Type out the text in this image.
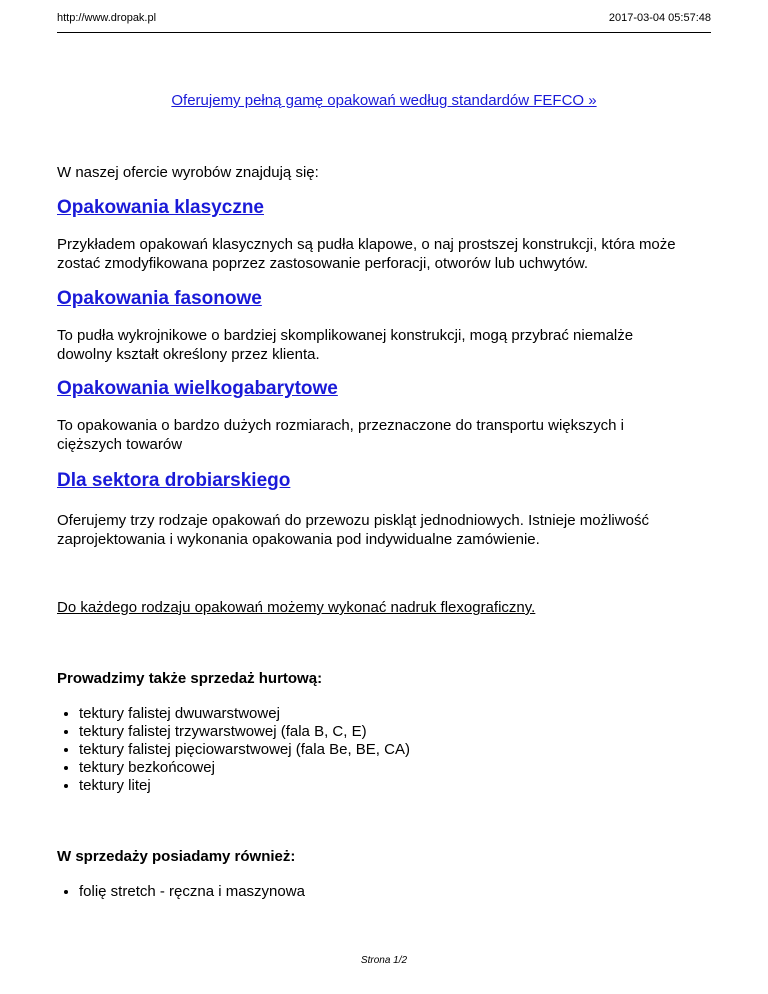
http://www.dropak.pl	2017-03-04 05:57:48
Oferujemy pełną gamę opakowań według standardów FEFCO »
W naszej ofercie wyrobów znajdują się:
Opakowania klasyczne
Przykładem opakowań klasycznych są pudła klapowe, o naj prostszej konstrukcji, która może zostać zmodyfikowana poprzez zastosowanie perforacji, otworów lub uchwytów.
Opakowania fasonowe
To pudła wykrojnikowe o bardziej skomplikowanej konstrukcji, mogą przybrać niemalże dowolny kształt określony przez klienta.
Opakowania wielkogabarytowe
To opakowania o bardzo dużych rozmiarach, przeznaczone do transportu większych i cięższych towarów
Dla sektora drobiarskiego
Oferujemy trzy rodzaje opakowań do przewozu piskląt jednodniowych. Istnieje możliwość zaprojektowania i wykonania opakowania pod indywidualne zamówienie.
Do każdego rodzaju opakowań możemy wykonać nadruk flexograficzny.
Prowadzimy także sprzedaż hurtową:
• tektury falistej dwuwarstwowej
• tektury falistej trzywarstwowej (fala B, C, E)
• tektury falistej pięciowarstwowej (fala Be, BE, CA)
• tektury bezkońcowej
• tektury litej
W sprzedaży posiadamy również:
• folię stretch - ręczna i maszynowa
Strona 1/2
